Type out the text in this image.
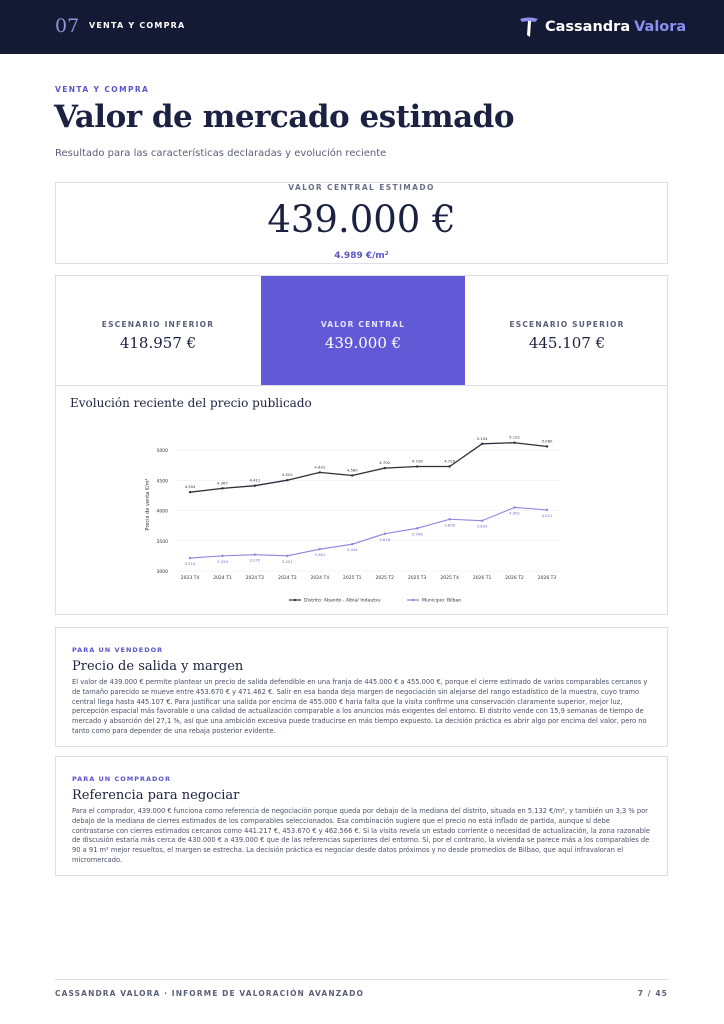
07 VENTA Y COMPRA	Cassandra Valora
VENTA Y COMPRA
Valor de mercado estimado
Resultado para las características declaradas y evolución reciente
VALOR CENTRAL ESTIMADO
439.000 €
4.989 €/m²
ESCENARIO INFERIOR
418.957 €
VALOR CENTRAL
439.000 €
ESCENARIO SUPERIOR
445.107 €
3000
3500
4000
4500
5000
Precio de venta €/m²
2023 T4	2024 T1	2024 T2	2024 T3	2024 T4	2025 T1	2025 T2	2025 T3	2025 T4	2026 T1	2026 T2	2026 T3
4.304
4.367
4.411
4.502
4.631
4.580
4.702	4.728	4.729
5.104	5.122
5.060
3.214	3.250	3.270	3.251
3.361
3.444
3.616
3.706
3.856	3.832
4.052	4.011
Distrito: Abando - Albia/ Indautxu	Municipio: Bilbao
Evolución reciente del precio publicado
PARA UN VENDEDOR
Precio de salida y margen
El valor de 439.000 € permite plantear un precio de salida defendible en una franja de 445.000 € a 455.000 €, porque el cierre estimado de varios comparables cercanos y de tamaño parecido se mueve entre 453.670 € y 471.462 €. Salir en esa banda deja margen de negociación sin alejarse del rango estadístico de la muestra, cuyo tramo central llega hasta 445.107 €. Para justificar una salida por encima de 455.000 € haría falta que la visita confirme una conservación claramente superior, mejor luz, percepción espacial más favorable o una calidad de actualización comparable a los anuncios más exigentes del entorno. El distrito vende con 15,9 semanas de tiempo de mercado y absorción del 27,1 %, así que una ambición excesiva puede traducirse en más tiempo expuesto. La decisión práctica es abrir algo por encima del valor, pero no tanto como para depender de una rebaja posterior evidente.
PARA UN COMPRADOR
Referencia para negociar
Para el comprador, 439.000 € funciona como referencia de negociación porque queda por debajo de la mediana del distrito, situada en 5.132 €/m², y también un 3,3 % por debajo de la mediana de cierres estimados de los comparables seleccionados. Esa combinación sugiere que el precio no está inflado de partida, aunque sí debe contrastarse con cierres estimados cercanos como 441.217 €, 453.670 € y 462.566 €. Si la visita revela un estado corriente o necesidad de actualización, la zona razonable de discusión estaría más cerca de 430.000 € a 439.000 € que de las referencias superiores del entorno. Si, por el contrario, la vivienda se parece más a los comparables de 90 a 91 m² mejor resueltos, el margen se estrecha. La decisión práctica es negociar desde datos próximos y no desde promedios de Bilbao, que aquí infravaloran el micromercado.
CASSANDRA VALORA · INFORME DE VALORACIÓN AVANZADO	7 / 45
